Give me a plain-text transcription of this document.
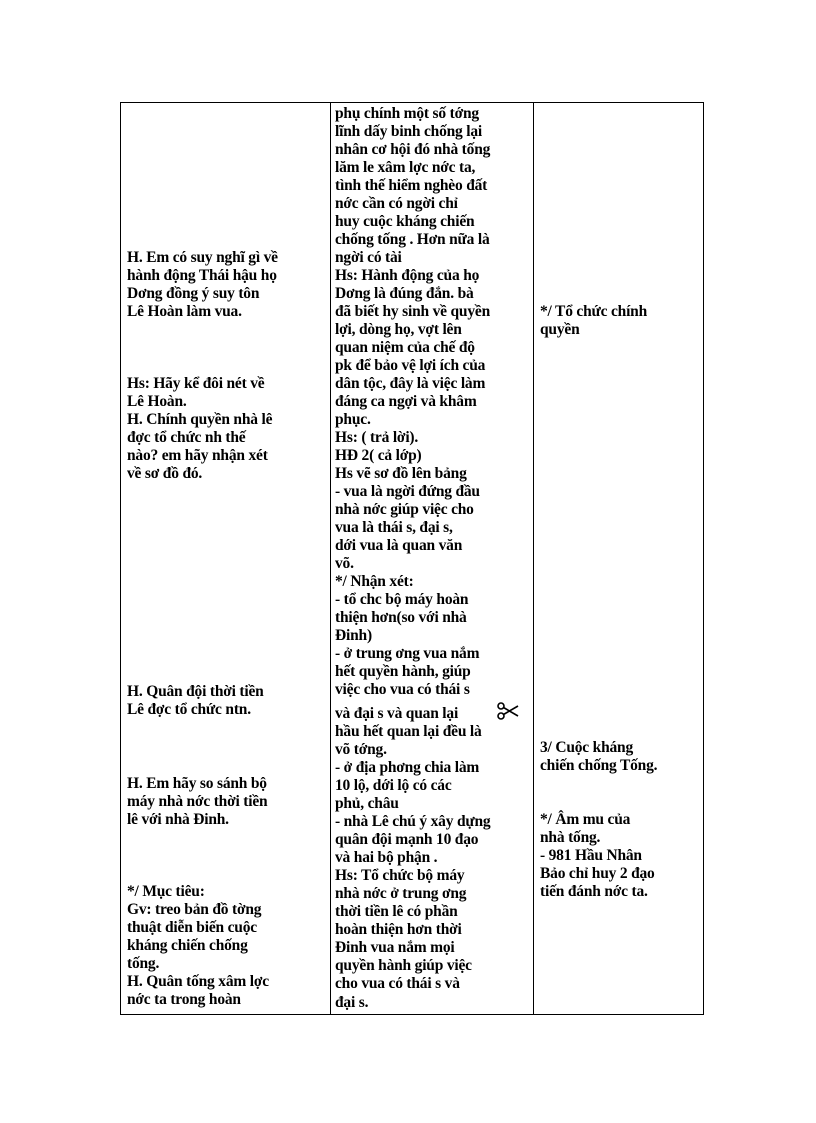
H. Em có suy nghĩ gì về
hành động Thái hậu họ
Dơng đồng ý suy tôn
Lê Hoàn làm vua.
Hs: Hãy kể đôi nét về
Lê Hoàn.
H. Chính quyền nhà lê
đợc tổ chức nh thế
nào? em hãy nhận xét
về sơ đồ đó.
H. Quân đội thời tiền
Lê đợc tổ chức ntn.
H. Em hãy so sánh bộ
máy nhà nớc thời tiền
lê với nhà Đinh.
*/ Mục tiêu:
Gv: treo bản đồ tờng
thuật diễn biến cuộc
kháng chiến chống
tống.
H. Quân tống xâm lợc
nớc ta trong hoàn
phụ chính một số tớng
lĩnh dấy binh chống lại
nhân cơ hội đó nhà tống
lăm le xâm lợc nớc ta,
tình thế hiểm nghèo đất
nớc cần có ngời chỉ
huy cuộc kháng chiến
chống tống . Hơn nữa là
ngời có tài
Hs: Hành động của họ
Dơng là đúng đắn. bà
đã biết hy sinh về quyền
lợi, dòng họ, vợt lên
quan niệm của chế độ
pk để bảo vệ lợi ích của
dân tộc, đây là việc làm
đáng ca ngợi và khâm
phục.
Hs: ( trả lời).
HĐ 2( cả lớp)
Hs vẽ sơ đồ lên bảng
- vua là ngời đứng đầu
nhà nớc giúp việc cho
vua là thái s, đại s,
dới vua là quan văn
võ.
*/ Nhận xét:
- tổ chc bộ máy hoàn
thiện hơn(so với nhà
Đinh)
- ở trung ơng vua nắm
hết quyền hành, giúp
việc cho vua có thái s
và đại s và quan lại
hầu hết quan lại đều là
võ tớng.
- ở địa phơng chia làm
10 lộ, dới lộ có các
phủ, châu
- nhà Lê chú ý xây dựng
quân đội mạnh 10 đạo
và hai bộ phận .
Hs: Tổ chức bộ máy
nhà nớc ở trung ơng
thời tiền lê có phần
hoàn thiện hơn thời
Đinh vua nắm mọi
quyền hành giúp việc
cho vua có thái s và
đại s.
*/ Tổ chức chính
quyền
3/ Cuộc kháng
chiến chống Tống.
*/ Âm mu của
nhà tống.
- 981 Hầu Nhân
Bảo chỉ huy 2 đạo
tiến đánh nớc ta.
